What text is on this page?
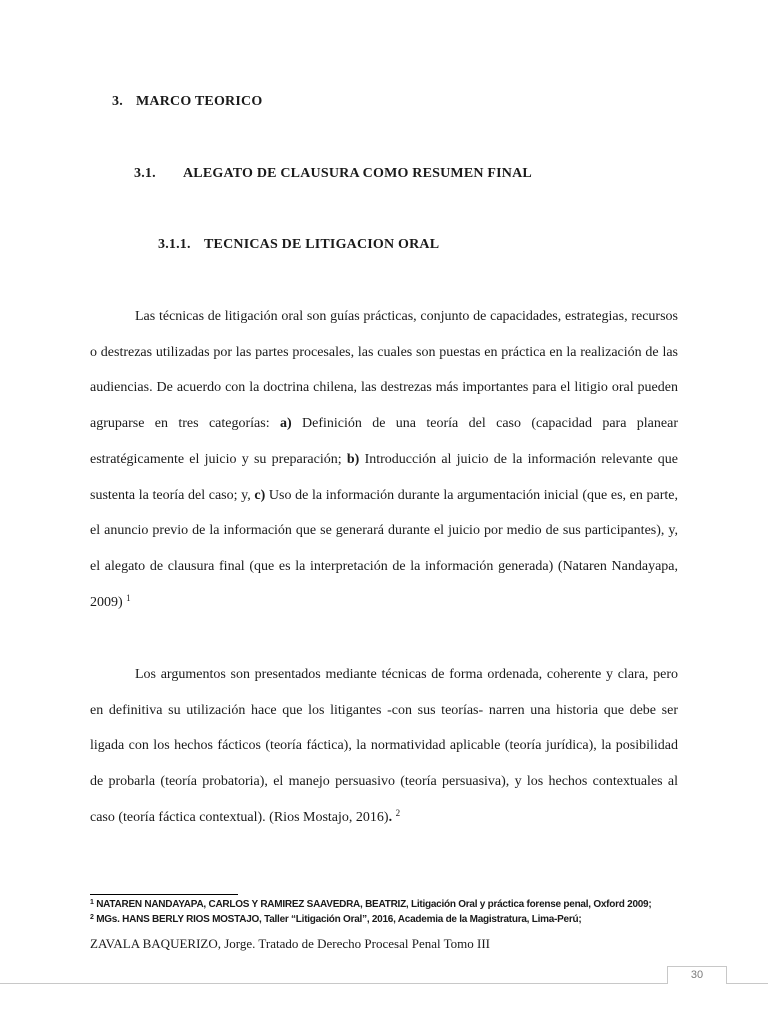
3. MARCO TEORICO
3.1. ALEGATO DE CLAUSURA COMO RESUMEN FINAL
3.1.1. TECNICAS DE LITIGACION ORAL

Las técnicas de litigación oral son guías prácticas, conjunto de capacidades, estrategias, recursos o destrezas utilizadas por las partes procesales, las cuales son puestas en práctica en la realización de las audiencias. De acuerdo con la doctrina chilena, las destrezas más importantes para el litigio oral pueden agruparse en tres categorías: a) Definición de una teoría del caso (capacidad para planear estratégicamente el juicio y su preparación; b) Introducción al juicio de la información relevante que sustenta la teoría del caso; y, c) Uso de la información durante la argumentación inicial (que es, en parte, el anuncio previo de la información que se generará durante el juicio por medio de sus participantes), y, el alegato de clausura final (que es la interpretación de la información generada) (Nataren Nandayapa, 2009) $^1$

Los argumentos son presentados mediante técnicas de forma ordenada, coherente y clara, pero en definitiva su utilización hace que los litigantes -con sus teorías- narren una historia que debe ser ligada con los hechos fácticos (teoría fáctica), la normatividad aplicable (teoría jurídica), la posibilidad de probarla (teoría probatoria), el manejo persuasivo (teoría persuasiva), y los hechos contextuales al caso (teoría fáctica contextual). (Rios Mostajo, 2016). $^2$

$^1$ NATAREN NANDAYAPA, CARLOS Y RAMIREZ SAAVEDRA, BEATRIZ, Litigación Oral y práctica forense penal, Oxford 2009;

$^2$ MGs. HANS BERLY RIOS MOSTAJO, Taller “Litigación Oral”, 2016, Academia de la Magistratura, Lima-Perú;

ZAVALA BAQUERIZO, Jorge. Tratado de Derecho Procesal Penal Tomo III

30
